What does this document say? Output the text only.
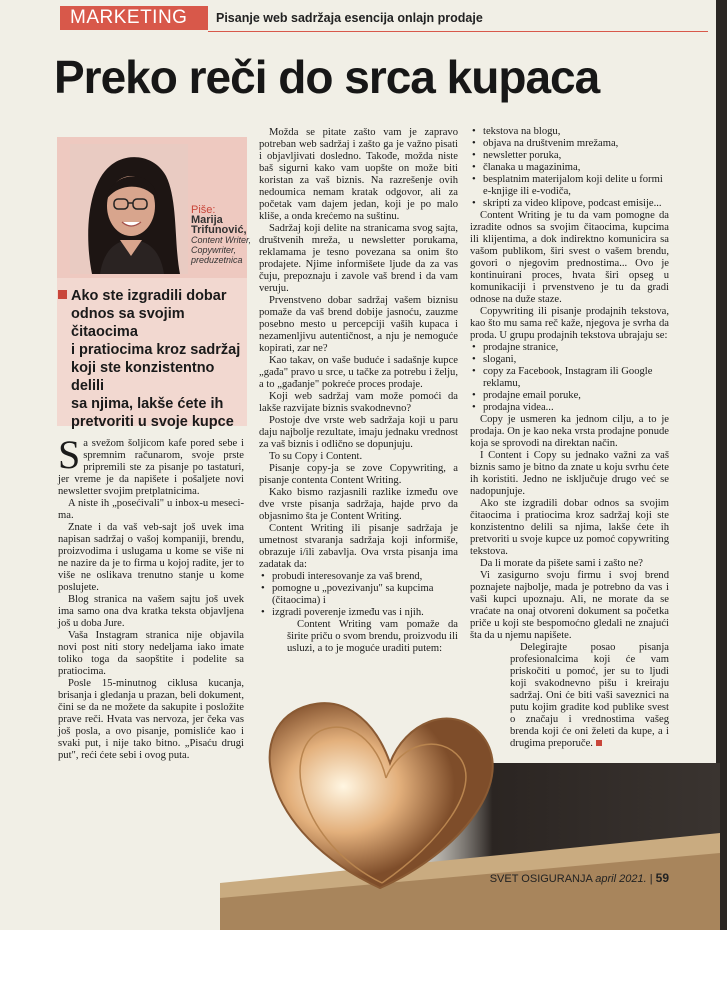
MARKETING	Pisanje web sadržaja esencija onlajn prodaje
Preko reči do srca kupaca
Piše:
Marija
Trifunović,
Content Writer,
Copywriter,
preduzetnica
Ako ste izgradili dobar
odnos sa svojim čitaocima
i pratiocima kroz sadržaj
koji ste konzistentno delili
sa njima, lakše ćete ih
pretvoriti u svoje kupce
S a svežom šoljicom kafe pored sebe i spremnim računarom, svoje prste pripremili ste za pisanje po tastaturi, jer vreme je da napišete i pošaljete novi newsletter svojim pretplatnicima.

A niste ih „posećivali" u inbox-u meseci-ma.

Znate i da vaš veb-sajt još uvek ima napisan sadržaj o vašoj kompaniji, brendu, proizvodima i uslugama u kome se više ni ne nazire da je to firma u kojoj radite, jer to više ne oslikava trenutno stanje u kome poslujete.

Blog stranica na vašem sajtu još uvek ima samo ona dva kratka teksta objavljena još u doba Jure.

Vaša Instagram stranica nije objavila novi post niti story nedeljama iako imate toliko toga da saopštite i podelite sa pratiocima.

Posle 15-minutnog ciklusa kucanja, brisanja i gledanja u prazan, beli dokument, čini se da ne možete da sakupite i posložite prave reči. Hvata vas nervoza, jer čeka vas još posla, a ovo pisanje, pomisliće kao i svaki put, i nije tako bitno. „Pisaću drugi put", reći ćete sebi i ovog puta.

Možda se pitate zašto vam je zapravo potreban web sadržaj i zašto ga je važno pisati i objavljivati dosledno. Takođe, možda niste baš sigurni kako vam uopšte on može biti koristan za vaš biznis. Na razrešenje ovih nedoumica nemam kratak odgovor, ali za početak vam dajem jedan, koji je po malo kliše, a onda krećemo na suštinu.

Sadržaj koji delite na stranicama svog sajta, društvenih mreža, u newsletter porukama, reklamama je tesno povezana sa onim što prodajete. Njime informišete ljude da za vas čuju, prepoznaju i zavole vaš brend i da vam veruju.

Prvenstveno dobar sadržaj vašem biznisu pomaže da vaš brend dobije jasnoću, zauzme posebno mesto u percepciji vaših kupaca i nezamenljivu autentičnost, a nju je nemoguće kopirati, zar ne?

Kao takav, on vaše buduće i sadašnje kupce „gađa" pravo u srce, u tačke za potrebu i želju, a to „gađanje" pokreće proces prodaje.

Koji web sadržaj vam može pomoći da lakše razvijate biznis svakodnevno?

Postoje dve vrste web sadržaja koji u paru daju najbolje rezultate, imaju jednaku vrednost za vaš biznis i odlično se dopunjuju.

To su Copy i Content.

Pisanje copy-ja se zove Copywriting, a pisanje contenta Content Writing.

Kako bismo razjasnili razlike između ove dve vrste pisanja sadržaja, hajde prvo da objasnimo šta je Content Writing.

Content Writing ili pisanje sadržaja je umetnost stvaranja sadržaja koji informiše, obrazuje i/ili zabavlja. Ova vrsta pisanja ima zadatak da:

• probudi interesovanje za vaš brend,
• pomogne u „povezivanju" sa kupcima (čitaocima) i
• izgradi poverenje između vas i njih.

Content Writing vam pomaže da širite priču o svom brendu, proizvodu ili usluzi, a to je moguće uraditi putem:

• tekstova na blogu,
• objava na društvenim mrežama,
• newsletter poruka,
• članaka u magazinima,
• besplatnim materijalom koji delite u formi e-knjige ili e-vodiča,
• skripti za video klipove, podcast emisije...

Content Writing je tu da vam pomogne da izradite odnos sa svojim čitaocima, kupcima ili klijentima, a dok indirektno komunicira sa vašom publikom, širi svest o vašem brendu, govori o njegovim prednostima... Ovo je kontinuirani proces, hvata širi opseg u komunikaciji i prvenstveno je tu da gradi odnose na duže staze.

Copywriting ili pisanje prodajnih tekstova, kao što mu sama reč kaže, njegova je svrha da proda. U grupu prodajnih tekstova ubrajaju se:

• prodajne stranice,
• slogani,
• copy za Facebook, Instagram ili Google reklamu,
• prodajne email poruke,
• prodajna videa...

Copy je usmeren ka jednom cilju, a to je prodaja. On je kao neka vrsta prodajne ponude koja se sprovodi na direktan način.

I Content i Copy su jednako važni za vaš biznis samo je bitno da znate u koju svrhu ćete ih koristiti. Jedno ne isključuje drugo već se nadopunjuje.

Ako ste izgradili dobar odnos sa svojim čitaocima i pratiocima kroz sadržaj koji ste konzistentno delili sa njima, lakše ćete ih pretvoriti u svoje kupce uz pomoć copywriting tekstova.

Da li morate da pišete sami i zašto ne?

Vi zasigurno svoju firmu i svoj brend poznajete najbolje, mada je potrebno da vas i vaši kupci upoznaju. Ali, ne morate da se vraćate na onaj otvoreni dokument sa početka priče u koji ste bespomoćno gledali ne znajući šta da u njemu napišete.

Delegirajte posao pisanja profesionalcima koji će vam priskočiti u pomoć, jer su to ljudi koji svakodnevno pišu i kreiraju sadržaj. Oni će biti vaši saveznici na putu kojim gradite kod publike svest o značaju i vrednostima vašeg brenda koji će oni želeti da kupe, a i drugima preporuče.

SVET OSIGURANJA april 2021. | 59
